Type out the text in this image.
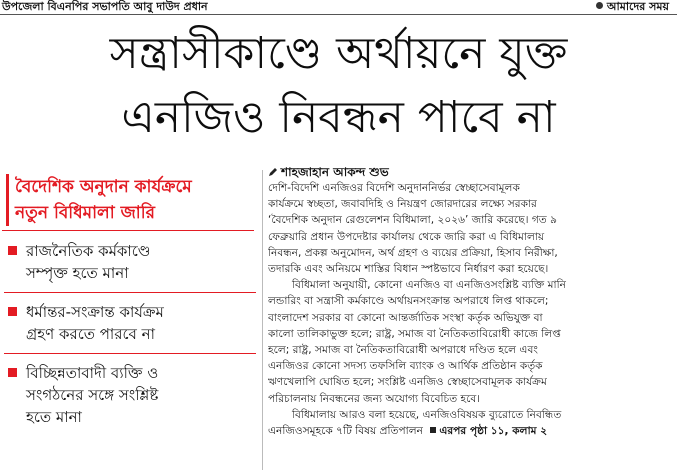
উপজেলা বিএনপির সভাপতি আবু দাউদ প্রধান	আমাদের সময়
সন্ত্রাসীকাণ্ডে অর্থায়নে যুক্ত
এনজিও নিবন্ধন পাবে না
বৈদেশিক অনুদান কার্যক্রমে
নতুন বিধিমালা জারি
রাজনৈতিক কর্মকাণ্ডে
সম্পৃক্ত হতে মানা
ধর্মান্তর-সংক্রান্ত কার্যক্রম
গ্রহণ করতে পারবে না
বিচ্ছিন্নতাবাদী ব্যক্তি ও
সংগঠনের সঙ্গে সংশ্লিষ্ট
হতে মানা
শাহজাহান আকন্দ শুভ

দেশি-বিদেশি এনজিওর বিদেশি অনুদাননির্ভর স্বেচ্ছাসেবামূলক
কার্যক্রমে স্বচ্ছতা, জবাবদিহি ও নিয়ন্ত্রণ জোরদারের লক্ষ্যে সরকার
‘বৈদেশিক অনুদান রেগুলেশন বিধিমালা, ২০২৬’ জারি করেছে। গত ৯
ফেব্রুয়ারি প্রধান উপদেষ্টার কার্যালয় থেকে জারি করা এ বিধিমালায়
নিবন্ধন, প্রকল্প অনুমোদন, অর্থ গ্রহণ ও ব্যয়ের প্রক্রিয়া, হিসাব নিরীক্ষা,
তদারকি এবং অনিয়মে শাস্তির বিধান স্পষ্টভাবে নির্ধারণ করা হয়েছে।

বিধিমালা অনুযায়ী, কোনো এনজিও বা এনজিওসংশ্লিষ্ট ব্যক্তি মানি
লন্ডারিং বা সন্ত্রাসী কর্মকাণ্ডে অর্থায়নসংক্রান্ত অপরাধে লিপ্ত থাকলে;
বাংলাদেশ সরকার বা কোনো আন্তর্জাতিক সংস্থা কর্তৃক অভিযুক্ত বা
কালো তালিকাভুক্ত হলে; রাষ্ট্র, সমাজ বা নৈতিকতাবিরোধী কাজে লিপ্ত
হলে; রাষ্ট্র, সমাজ বা নৈতিকতাবিরোধী অপরাধে দণ্ডিত হলে এবং
এনজিওর কোনো সদস্য তফসিলি ব্যাংক ও আর্থিক প্রতিষ্ঠান কর্তৃক
ঋণখেলাপি ঘোষিত হলে; সংশ্লিষ্ট এনজিও স্বেচ্ছাসেবামূলক কার্যক্রম
পরিচালনায় নিবন্ধনের জন্য অযোগ্য বিবেচিত হবে।

বিধিমালায় আরও বলা হয়েছে, এনজিওবিষয়ক ব্যুরোতে নিবন্ধিত

এনজিওসমূহকে ৭টি বিষয় প্রতিপালন এরপর পৃষ্ঠা ১১, কলাম ২
